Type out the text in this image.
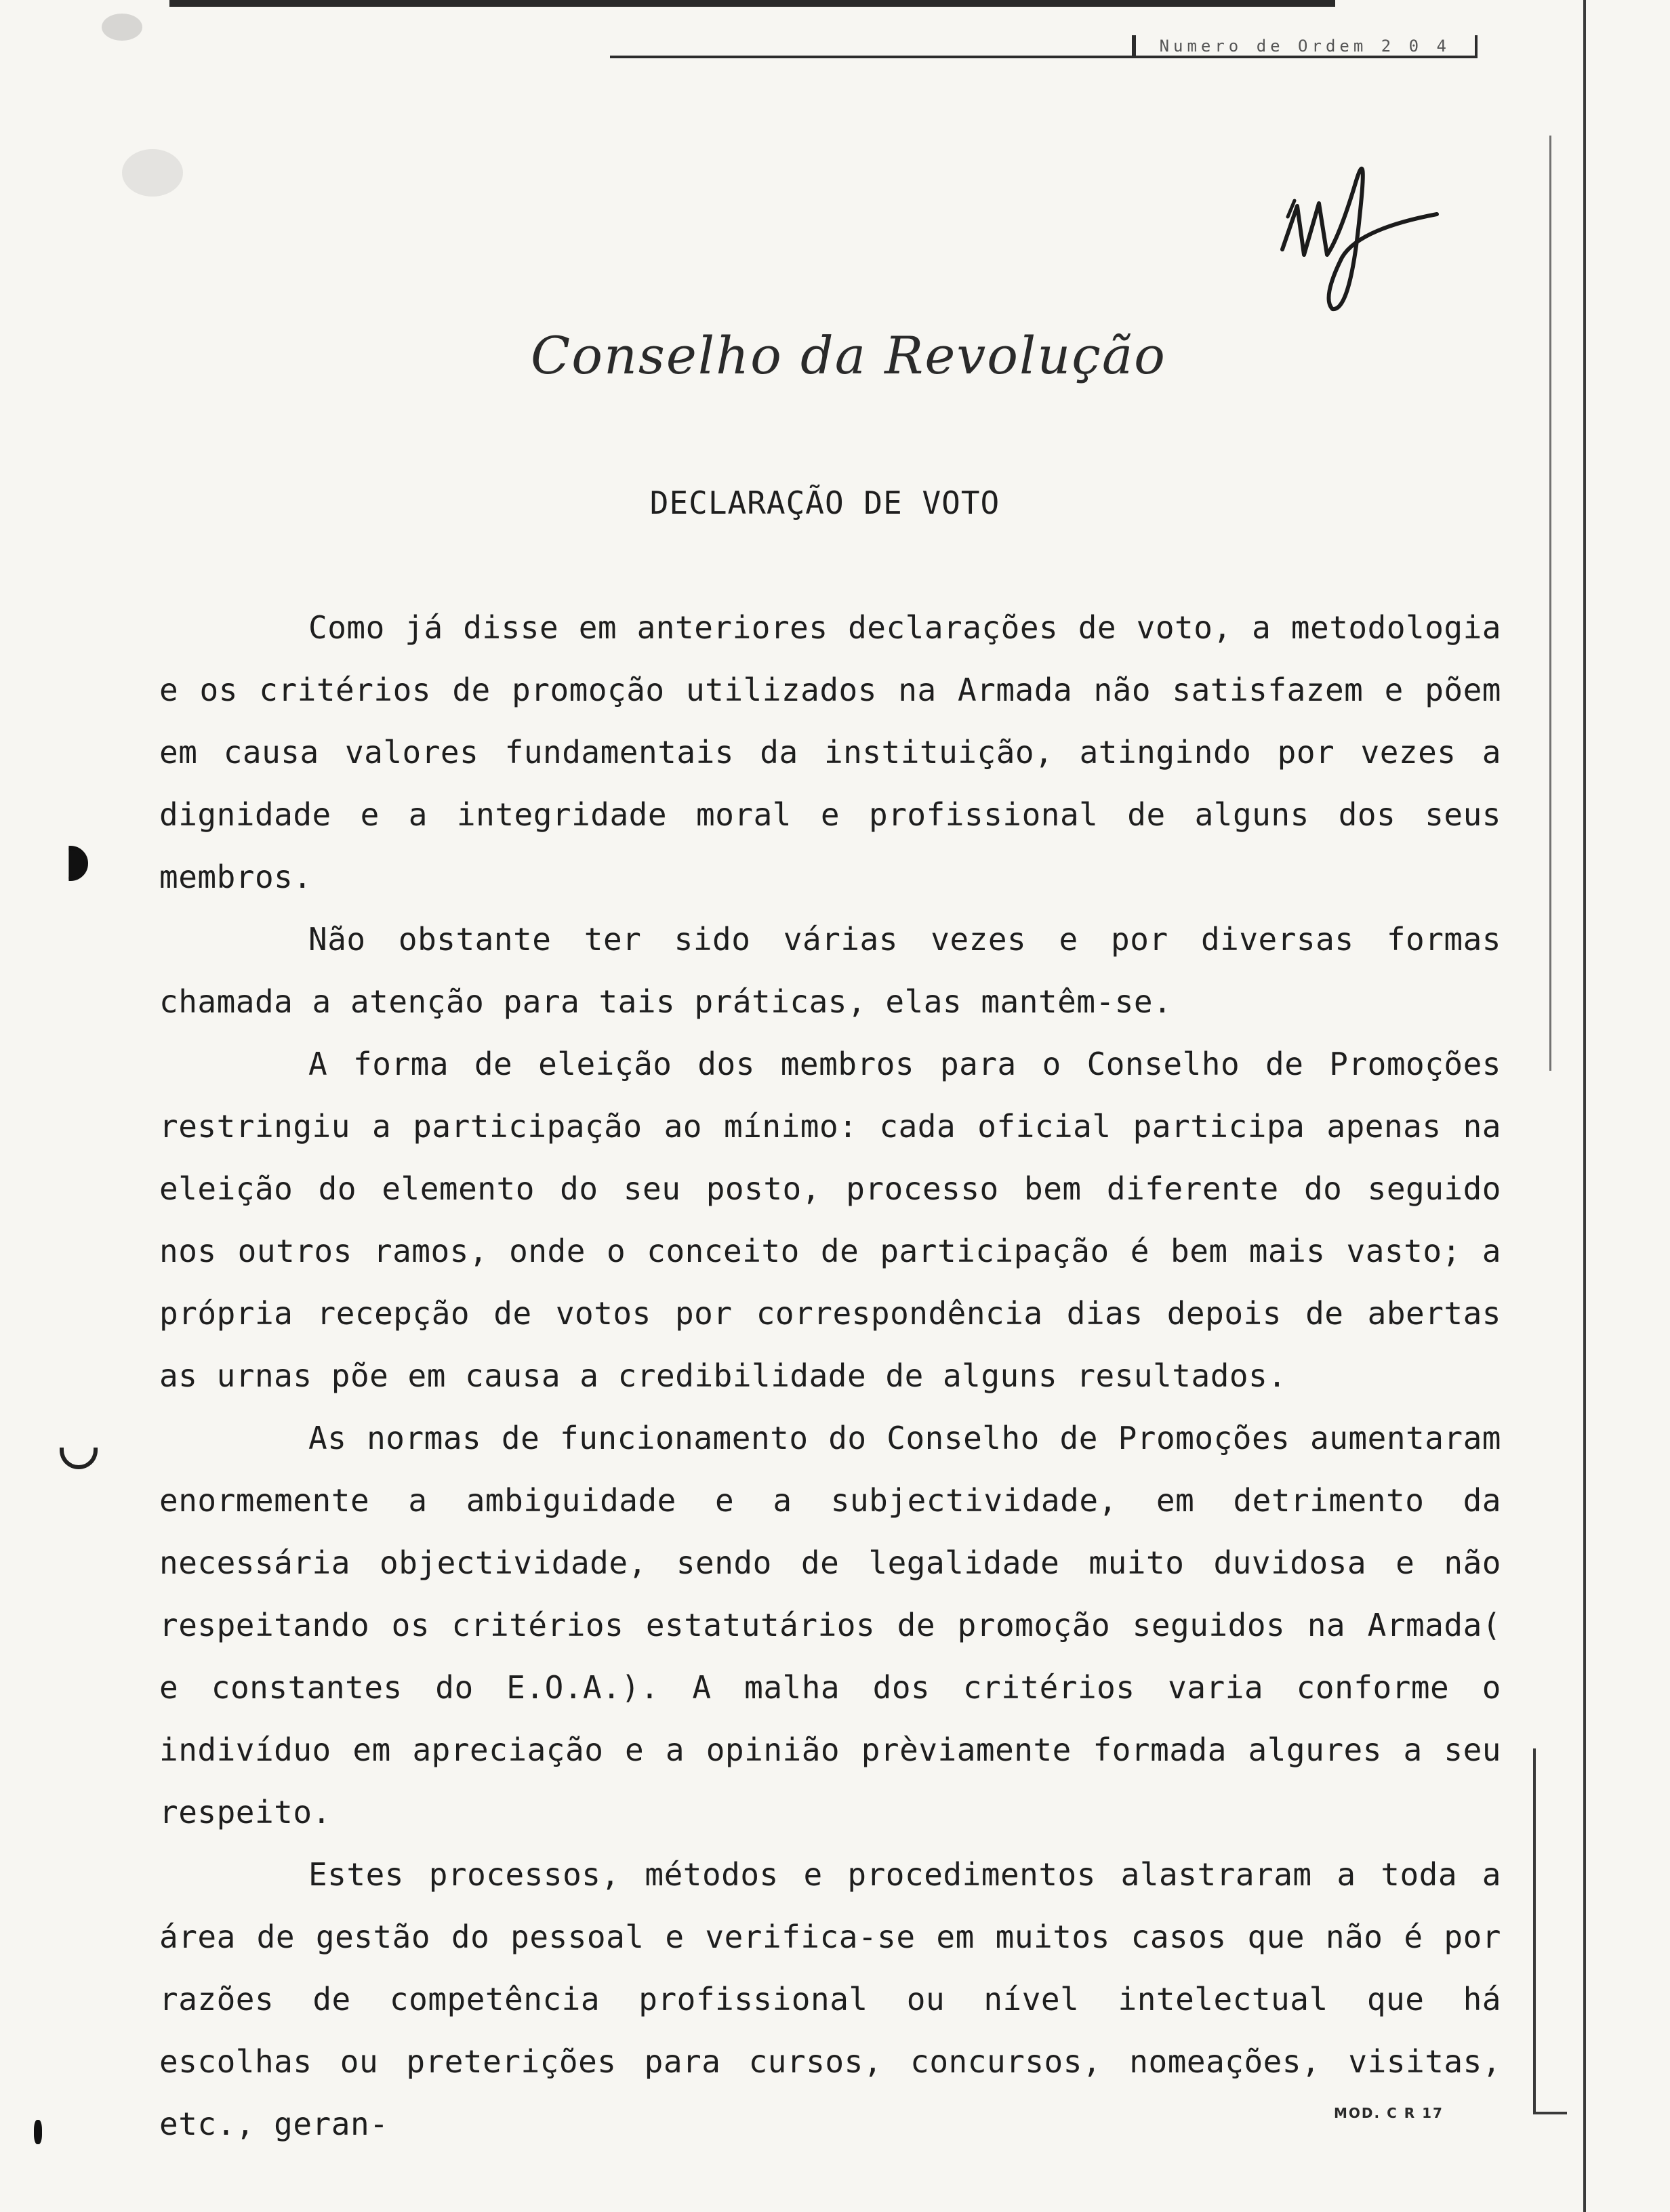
Numero de Ordem 2 0 4
Conselho da Revolução
DECLARAÇÃO DE VOTO

Como já disse em anteriores declarações de voto, a metodologia e os critérios de promoção utilizados na Armada não satisfazem e põem em causa valores fundamentais da instituição, atingindo por vezes a dignidade e a integridade moral e profissional de alguns dos seus membros.

Não obstante ter sido várias vezes e por diversas formas chamada a atenção para tais práticas, elas mantêm-se.

A forma de eleição dos membros para o Conselho de Promoções restringiu a participação ao mínimo: cada oficial participa apenas na eleição do elemento do seu posto, processo bem diferente do seguido nos outros ramos, onde o conceito de participação é bem mais vasto; a própria recepção de votos por correspondência dias depois de abertas as urnas põe em causa a credibilidade de alguns resultados.

As normas de funcionamento do Conselho de Promoções aumentaram enormemente a ambiguidade e a subjectividade, em detrimento da necessária objectividade, sendo de legalidade muito duvidosa e não respeitando os critérios estatutários de promoção seguidos na Armada( e constantes do E.O.A.). A malha dos critérios varia conforme o indivíduo em apreciação e a opinião prèviamente formada algures a seu respeito.

Estes processos, métodos e procedimentos alastraram a toda a área de gestão do pessoal e verifica-se em muitos casos que não é por razões de competência profissional ou nível intelectual que há escolhas ou preterições para cursos, concursos, nomeações, visitas, etc., geran-	MOD. C R 17
